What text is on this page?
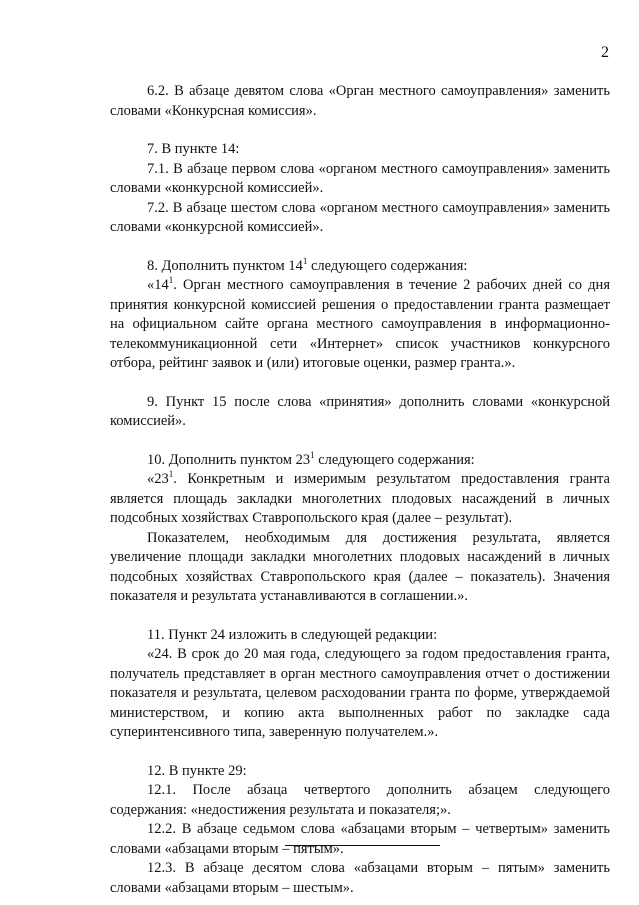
2

6.2. В абзаце девятом слова «Орган местного самоуправления» заменить словами «Конкурсная комиссия».

7. В пункте 14:

7.1. В абзаце первом слова «органом местного самоуправления» заменить словами «конкурсной комиссией».

7.2. В абзаце шестом слова «органом местного самоуправления» заменить словами «конкурсной комиссией».

8. Дополнить пунктом $14^1$ следующего содержания:

«$14^1$. Орган местного самоуправления в течение 2 рабочих дней со дня принятия конкурсной комиссией решения о предоставлении гранта размещает на официальном сайте органа местного самоуправления в информационно-телекоммуникационной сети «Интернет» список участников конкурсного отбора, рейтинг заявок и (или) итоговые оценки, размер гранта.».

9. Пункт 15 после слова «принятия» дополнить словами «конкурсной комиссией».

10. Дополнить пунктом $23^1$ следующего содержания:

«$23^1$. Конкретным и измеримым результатом предоставления гранта является площадь закладки многолетних плодовых насаждений в личных подсобных хозяйствах Ставропольского края (далее – результат).

Показателем, необходимым для достижения результата, является увеличение площади закладки многолетних плодовых насаждений в личных подсобных хозяйствах Ставропольского края (далее – показатель). Значения показателя и результата устанавливаются в соглашении.».

11. Пункт 24 изложить в следующей редакции:

«24. В срок до 20 мая года, следующего за годом предоставления гранта, получатель представляет в орган местного самоуправления отчет о достижении показателя и результата, целевом расходовании гранта по форме, утверждаемой министерством, и копию акта выполненных работ по закладке сада суперинтенсивного типа, заверенную получателем.».

12. В пункте 29:

12.1. После абзаца четвертого дополнить абзацем следующего содержания: «недостижения результата и показателя;».

12.2. В абзаце седьмом слова «абзацами вторым – четвертым» заменить словами «абзацами вторым – пятым».

12.3. В абзаце десятом слова «абзацами вторым – пятым» заменить словами «абзацами вторым – шестым».
